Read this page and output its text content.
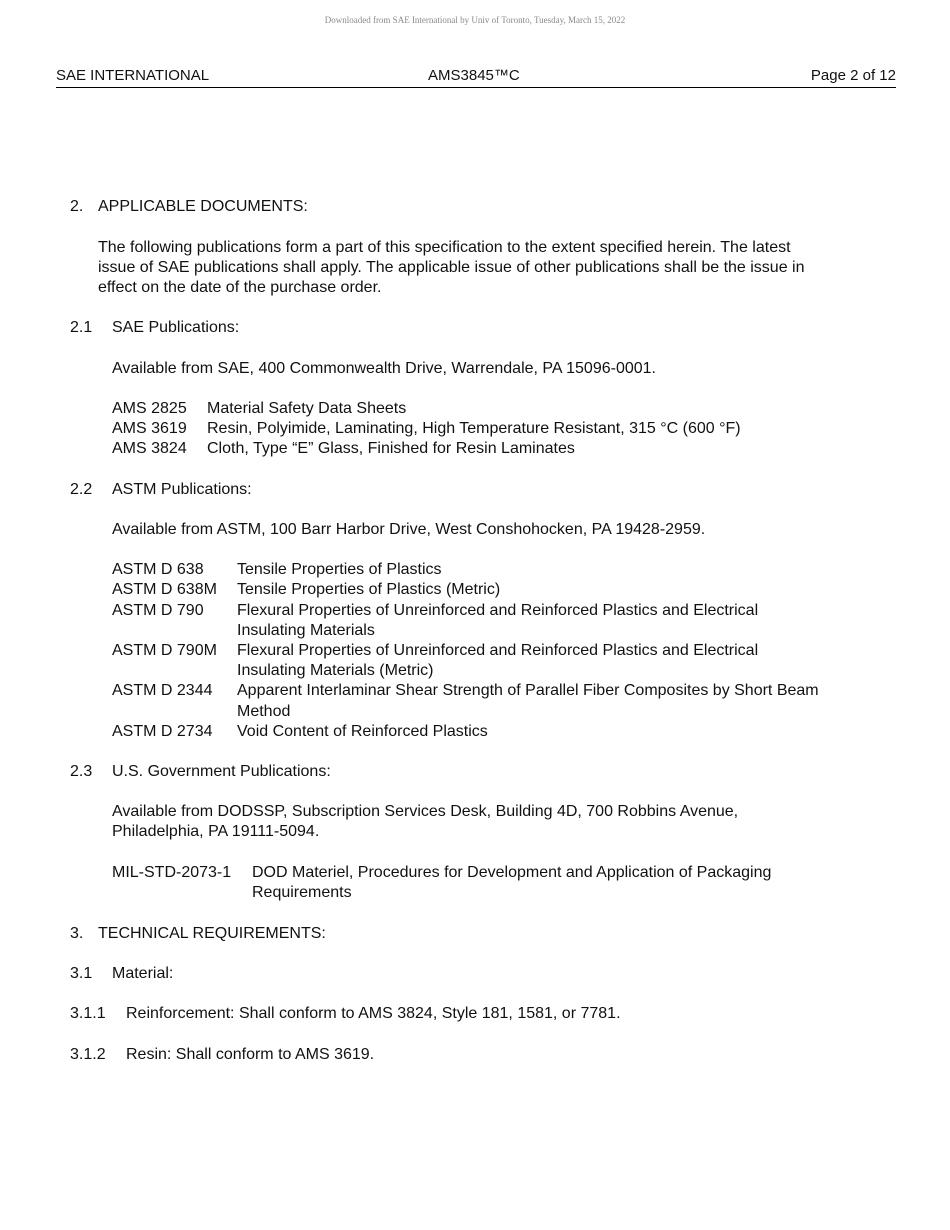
Downloaded from SAE International by Univ of Toronto, Tuesday, March 15, 2022
SAE INTERNATIONAL	AMS3845™C	Page 2 of 12
2. APPLICABLE DOCUMENTS:
The following publications form a part of this specification to the extent specified herein. The latest
issue of SAE publications shall apply. The applicable issue of other publications shall be the issue in
effect on the date of the purchase order.
2.1 SAE Publications:
Available from SAE, 400 Commonwealth Drive, Warrendale, PA 15096-0001.
AMS 2825 Material Safety Data Sheets
AMS 3619 Resin, Polyimide, Laminating, High Temperature Resistant, 315 °C (600 °F)
AMS 3824 Cloth, Type “E” Glass, Finished for Resin Laminates
2.2 ASTM Publications:
Available from ASTM, 100 Barr Harbor Drive, West Conshohocken, PA 19428-2959.
ASTM D 638 Tensile Properties of Plastics
ASTM D 638M Tensile Properties of Plastics (Metric)
ASTM D 790 Flexural Properties of Unreinforced and Reinforced Plastics and Electrical
Insulating Materials
ASTM D 790M Flexural Properties of Unreinforced and Reinforced Plastics and Electrical
Insulating Materials (Metric)
ASTM D 2344 Apparent Interlaminar Shear Strength of Parallel Fiber Composites by Short Beam
Method
ASTM D 2734 Void Content of Reinforced Plastics
2.3 U.S. Government Publications:
Available from DODSSP, Subscription Services Desk, Building 4D, 700 Robbins Avenue,
Philadelphia, PA 19111-5094.
MIL-STD-2073-1 DOD Materiel, Procedures for Development and Application of Packaging
Requirements
3. TECHNICAL REQUIREMENTS:
3.1 Material:
3.1.1 Reinforcement: Shall conform to AMS 3824, Style 181, 1581, or 7781.
3.1.2 Resin: Shall conform to AMS 3619.
